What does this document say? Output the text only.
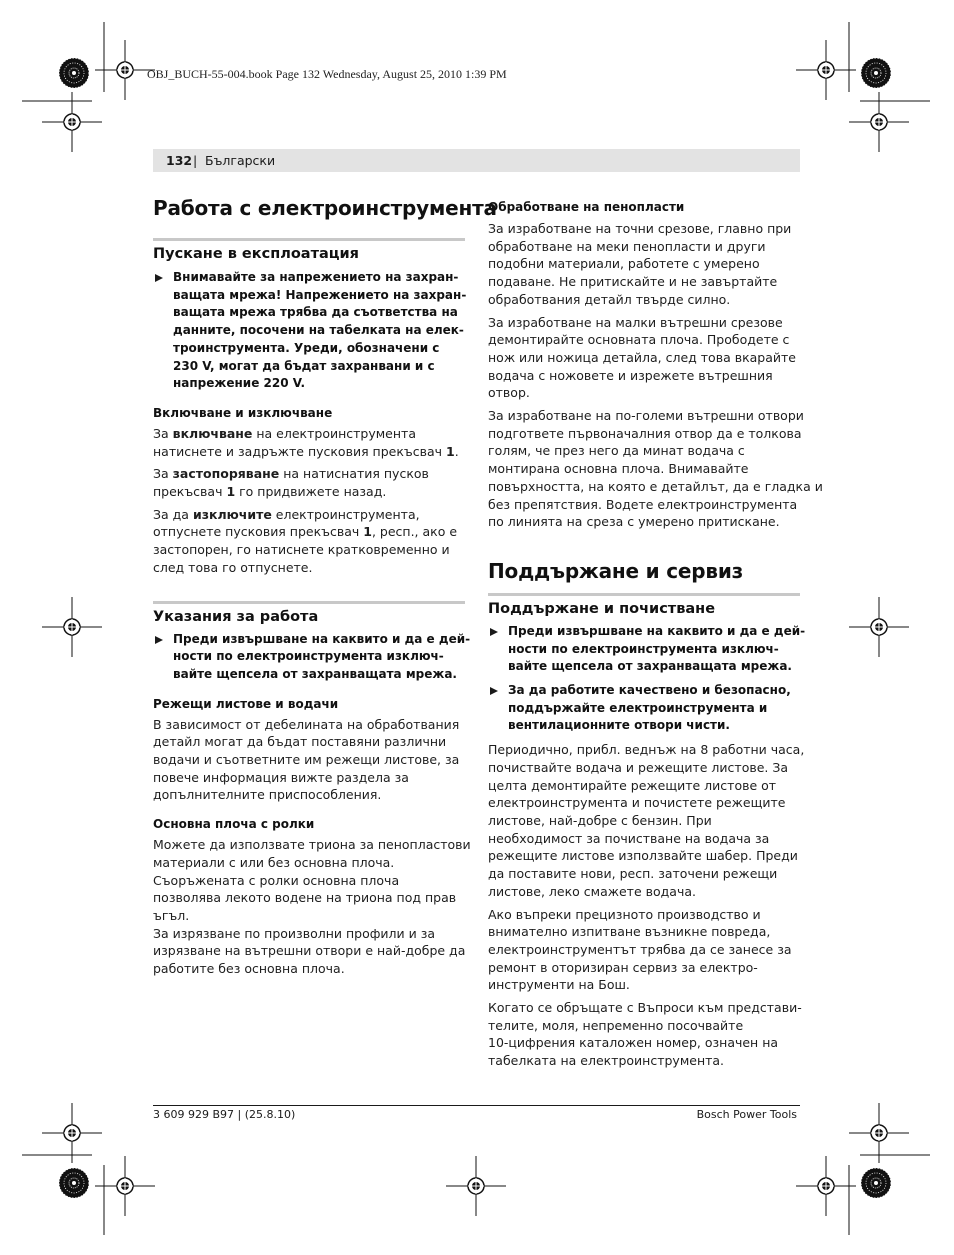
OBJ_BUCH-55-004.book Page 132 Wednesday, August 25, 2010 1:39 PM
132 | Български
Работа с електроинструмента
Пускане в експлоатация
Внимавайте за напрежението на захран-
ващата мрежа! Напрежението на захран-
ващата мрежа трябва да съответства на
данните, посочени на табелката на елек-
троинструмента. Уреди, обозначени с
230 V, могат да бъдат захранвани и с
напрежение 220 V.
Включване и изключване

За включване на електроинструмента
натиснете и задръжте пусковия прекъсвач 1.

За застопоряване на натиснатия пусков
прекъсвач 1 го придвижете назад.

За да изключите електроинструмента,
отпуснете пусковия прекъсвач 1, респ., ако е
застопорен, го натиснете кратковременно и
след това го отпуснете.

Указания за работа
Преди извършване на каквито и да е дей-
ности по електроинструмента изключ-
вайте щепсела от захранващата мрежа.
Режещи листове и водачи

В зависимост от дебелината на обработвания
детайл могат да бъдат поставяни различни
водачи и съответните им режещи листове, за
повече информация вижте раздела за
допълнителните приспособления.

Основна плоча с ролки

Можете да използвате триона за пенопластови
материали с или без основна плоча.
Съоръжената с ролки основна плоча
позволява лекото водене на триона под прав
ъгъл.
За изрязване по произволни профили и за
изрязване на вътрешни отвори е най-добре да
работите без основна плоча.

Обработване на пенопласти

За изработване на точни срезове, главно при
обработване на меки пенопласти и други
подобни материали, работете с умерено
подаване. Не притискайте и не завъртайте
обработвания детайл твърде силно.

За изработване на малки вътрешни срезове
демонтирайте основната плоча. Прободете с
нож или ножица детайла, след това вкарайте
водача с ножовете и изрежете вътрешния
отвор.

За изработване на по-големи вътрешни отвори
подгответе първоначалния отвор да е толкова
голям, че през него да минат водача с
монтирана основна плоча. Внимавайте
повърхността, на която е детайлът, да е гладка и
без препятствия. Водете електроинструмента
по линията на среза с умерено притискане.

Поддържане и сервиз
Поддържане и почистване
Преди извършване на каквито и да е дей-
ности по електроинструмента изключ-
вайте щепсела от захранващата мрежа.
За да работите качествено и безопасно,
поддържайте електроинструмента и
вентилационните отвори чисти.

Периодично, прибл. веднъж на 8 работни часа,
почиствайте водача и режещите листове. За
целта демонтирайте режещите листове от
електроинструмента и почистете режещите
листове, най-добре с бензин. При
необходимост за почистване на водача за
режещите листове използвайте шабер. Преди
да поставите нови, респ. заточени режещи
листове, леко смажете водача.

Ако въпреки прецизното производство и
внимателно изпитване възникне повреда,
електроинструментът трябва да се занесе за
ремонт в оторизиран сервиз за електро-
инструменти на Бош.

Когато се обръщате с Въпроси към представи-
телите, моля, непременно посочвайте
10-цифрения каталожен номер, означен на
табелката на електроинструмента.

3 609 929 B97 | (25.8.10)	Bosch Power Tools
